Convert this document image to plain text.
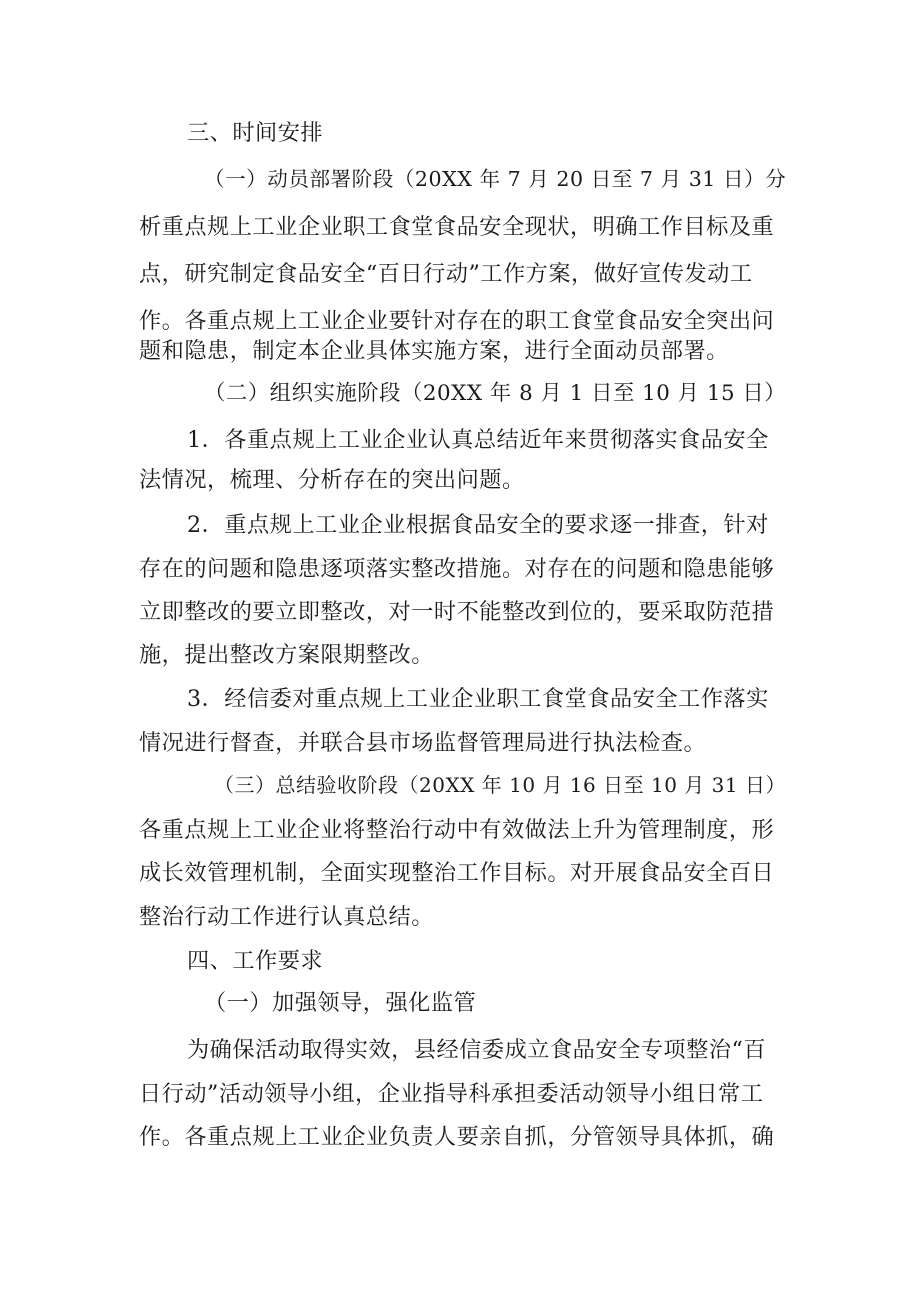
三、时间安排
（一）动员部署阶段（20XX 年 7 月 20 日至 7 月 31 日）分
析重点规上工业企业职工食堂食品安全现状，明确工作目标及重
点，研究制定食品安全“百日行动”工作方案，做好宣传发动工
作。各重点规上工业企业要针对存在的职工食堂食品安全突出问
题和隐患，制定本企业具体实施方案，进行全面动员部署。
（二）组织实施阶段（20XX 年 8 月 1 日至 10 月 15 日）
1．各重点规上工业企业认真总结近年来贯彻落实食品安全
法情况，梳理、分析存在的突出问题。
2．重点规上工业企业根据食品安全的要求逐一排查，针对
存在的问题和隐患逐项落实整改措施。对存在的问题和隐患能够
立即整改的要立即整改，对一时不能整改到位的，要采取防范措
施，提出整改方案限期整改。
3．经信委对重点规上工业企业职工食堂食品安全工作落实
情况进行督查，并联合县市场监督管理局进行执法检查。
（三）总结验收阶段（20XX 年 10 月 16 日至 10 月 31 日）
各重点规上工业企业将整治行动中有效做法上升为管理制度，形
成长效管理机制，全面实现整治工作目标。对开展食品安全百日
整治行动工作进行认真总结。
四、工作要求
（一）加强领导，强化监管
为确保活动取得实效，县经信委成立食品安全专项整治“百
日行动”活动领导小组，企业指导科承担委活动领导小组日常工
作。各重点规上工业企业负责人要亲自抓，分管领导具体抓，确
